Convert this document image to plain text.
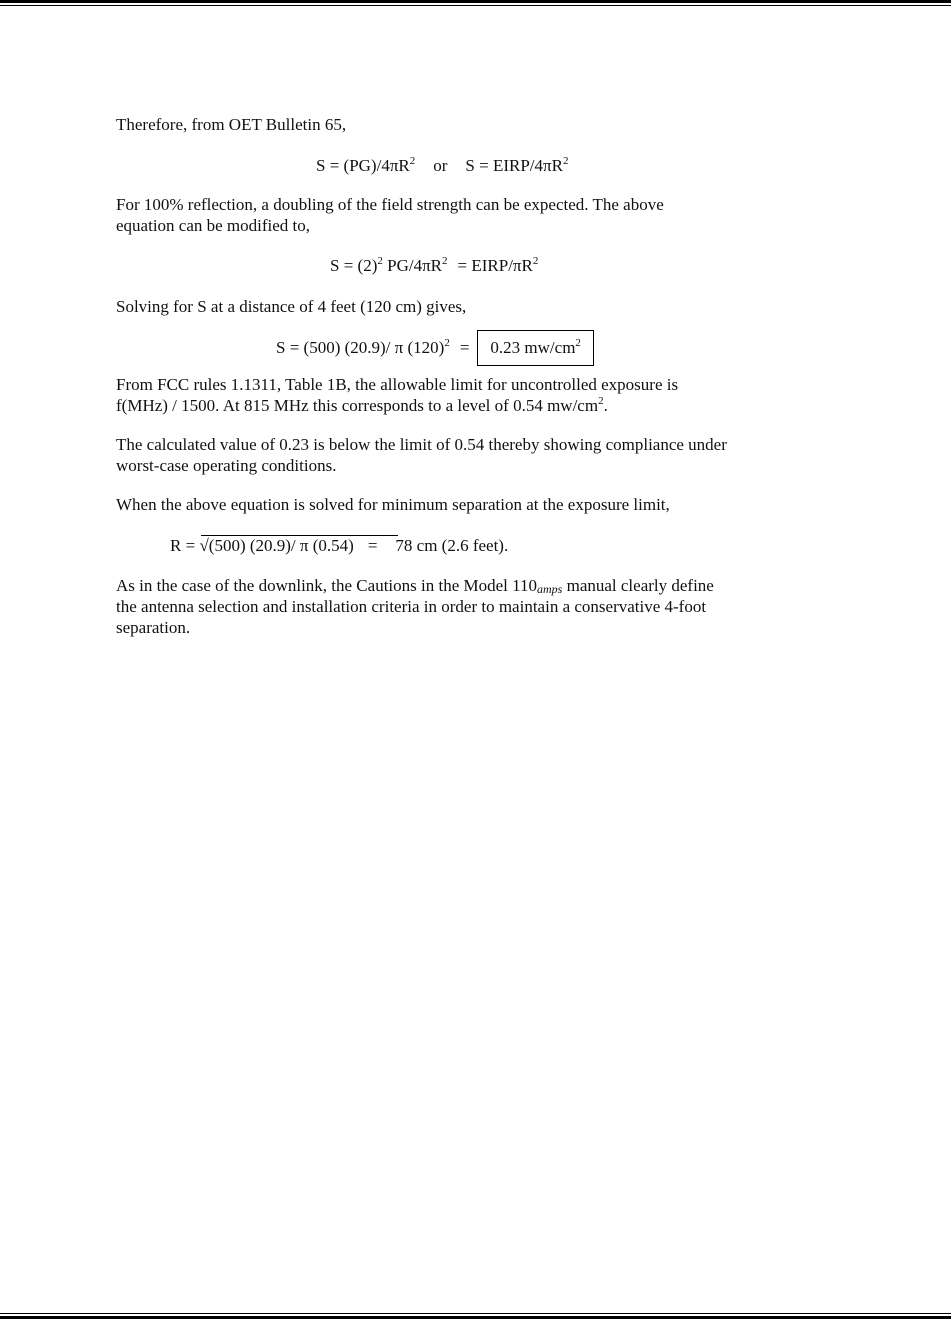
Therefore, from OET Bulletin 65,

$S = (PG)/4\pi R^2$ or S = EIRP/$4\pi R^2$

For 100% reflection, a doubling of the field strength can be expected. The above

equation can be modified to,

$S = (2)^2$ $PG/4\pi R^2$ = EIRP/$\pi R^2$

Solving for S at a distance of 4 feet (120 cm) gives,

S = (500) (20.9)/ π $(120)^2 = 0.23$ $mw/cm^2$

From FCC rules 1.1311, Table 1B, the allowable limit for uncontrolled exposure is

f(MHz) / 1500. At 815 MHz this corresponds to a level of 0.54 $mw/cm^2$.

The calculated value of 0.23 is below the limit of 0.54 thereby showing compliance under

worst-case operating conditions.

When the above equation is solved for minimum separation at the exposure limit,

R = √(500) (20.9)/ π (0.54) = 78 cm (2.6 feet).

As in the case of the downlink, the Cautions in the Model $110_{amps}$ manual clearly define

the antenna selection and installation criteria in order to maintain a conservative 4-foot

separation.
